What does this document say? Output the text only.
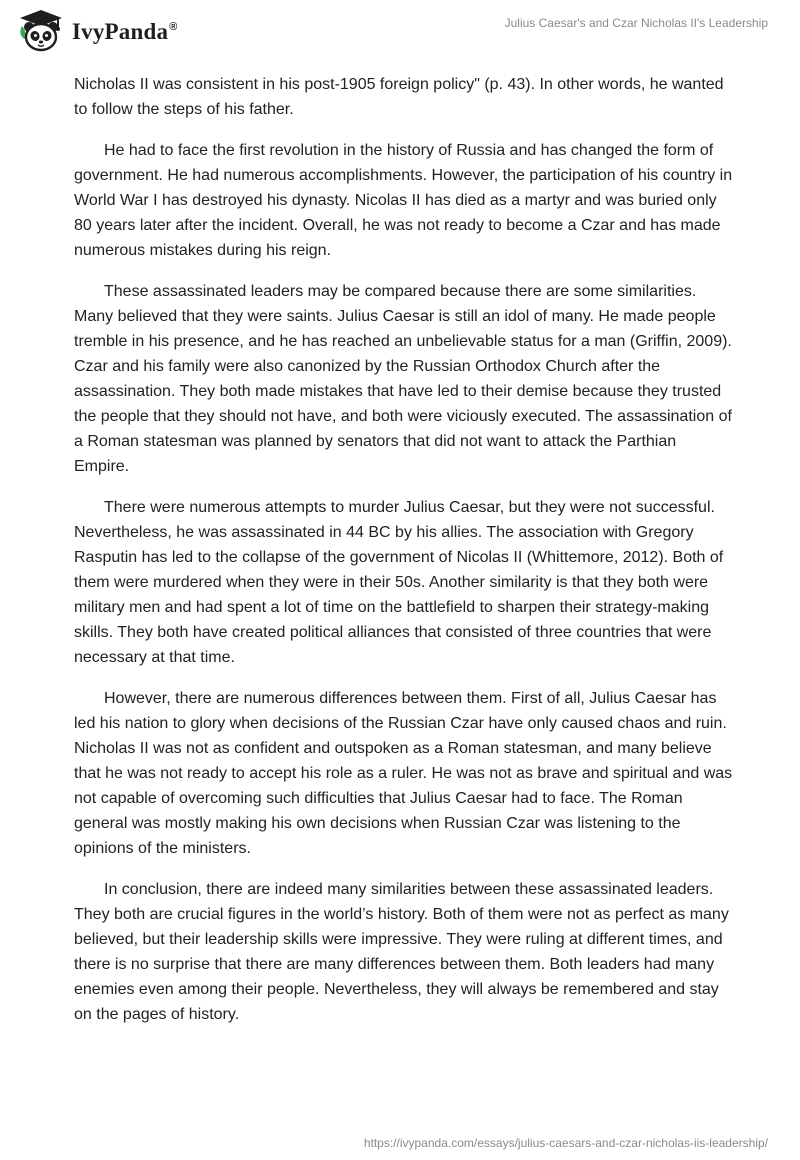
IvyPanda®	Julius Caesar's and Czar Nicholas II's Leadership

Nicholas II was consistent in his post-1905 foreign policy" (p. 43). In other words, he wanted to follow the steps of his father.

He had to face the first revolution in the history of Russia and has changed the form of government. He had numerous accomplishments. However, the participation of his country in World War I has destroyed his dynasty. Nicolas II has died as a martyr and was buried only 80 years later after the incident. Overall, he was not ready to become a Czar and has made numerous mistakes during his reign.

These assassinated leaders may be compared because there are some similarities. Many believed that they were saints. Julius Caesar is still an idol of many. He made people tremble in his presence, and he has reached an unbelievable status for a man (Griffin, 2009). Czar and his family were also canonized by the Russian Orthodox Church after the assassination. They both made mistakes that have led to their demise because they trusted the people that they should not have, and both were viciously executed. The assassination of a Roman statesman was planned by senators that did not want to attack the Parthian Empire.

There were numerous attempts to murder Julius Caesar, but they were not successful. Nevertheless, he was assassinated in 44 BC by his allies. The association with Gregory Rasputin has led to the collapse of the government of Nicolas II (Whittemore, 2012). Both of them were murdered when they were in their 50s. Another similarity is that they both were military men and had spent a lot of time on the battlefield to sharpen their strategy-making skills. They both have created political alliances that consisted of three countries that were necessary at that time.

However, there are numerous differences between them. First of all, Julius Caesar has led his nation to glory when decisions of the Russian Czar have only caused chaos and ruin. Nicholas II was not as confident and outspoken as a Roman statesman, and many believe that he was not ready to accept his role as a ruler. He was not as brave and spiritual and was not capable of overcoming such difficulties that Julius Caesar had to face. The Roman general was mostly making his own decisions when Russian Czar was listening to the opinions of the ministers.

In conclusion, there are indeed many similarities between these assassinated leaders. They both are crucial figures in the world’s history. Both of them were not as perfect as many believed, but their leadership skills were impressive. They were ruling at different times, and there is no surprise that there are many differences between them. Both leaders had many enemies even among their people. Nevertheless, they will always be remembered and stay on the pages of history.

https://ivypanda.com/essays/julius-caesars-and-czar-nicholas-iis-leadership/
